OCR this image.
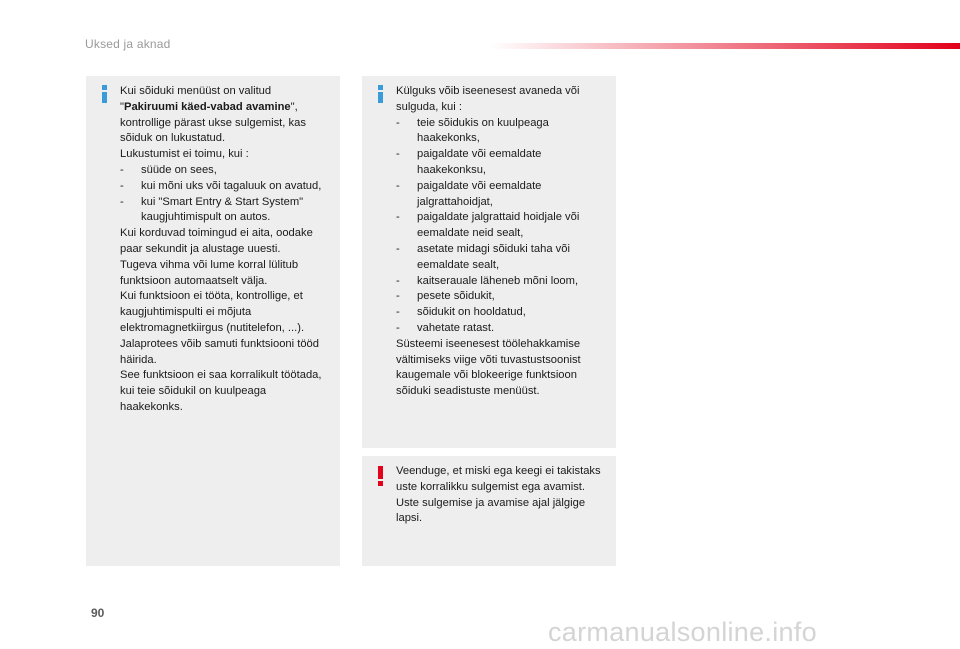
Uksed ja aknad

Kui sõiduki menüüst on valitud "Pakiruumi käed-vabad avamine", kontrollige pärast ukse sulgemist, kas sõiduk on lukustatud.

Lukustumist ei toimu, kui :

- süüde on sees,
- kui mõni uks või tagaluuk on avatud,
- kui "Smart Entry & Start System" kaugjuhtimispult on autos.

Kui korduvad toimingud ei aita, oodake paar sekundit ja alustage uuesti.

Tugeva vihma või lume korral lülitub funktsioon automaatselt välja.

Kui funktsioon ei tööta, kontrollige, et kaugjuhtimispulti ei mõjuta elektromagnetkiirgus (nutitelefon, ...).

Jalaprotees võib samuti funktsiooni tööd häirida.

See funktsioon ei saa korralikult töötada, kui teie sõidukil on kuulpeaga haakekonks.

Külguks võib iseenesest avaneda või sulguda, kui :

- teie sõidukis on kuulpeaga haakekonks,
- paigaldate või eemaldate haakekonksu,
- paigaldate või eemaldate jalgrattahoidjat,
- paigaldate jalgrattaid hoidjale või eemaldate neid sealt,
- asetate midagi sõiduki taha või eemaldate sealt,
- kaitserauale läheneb mõni loom,
- pesete sõidukit,
- sõidukit on hooldatud,
- vahetate ratast.

Süsteemi iseenesest töölehakkamise vältimiseks viige võti tuvastustsoonist kaugemale või blokeerige funktsioon sõiduki seadistuste menüüst.

Veenduge, et miski ega keegi ei takistaks uste korralikku sulgemist ega avamist.

Uste sulgemise ja avamise ajal jälgige lapsi.

90
carmanualsonline.info
